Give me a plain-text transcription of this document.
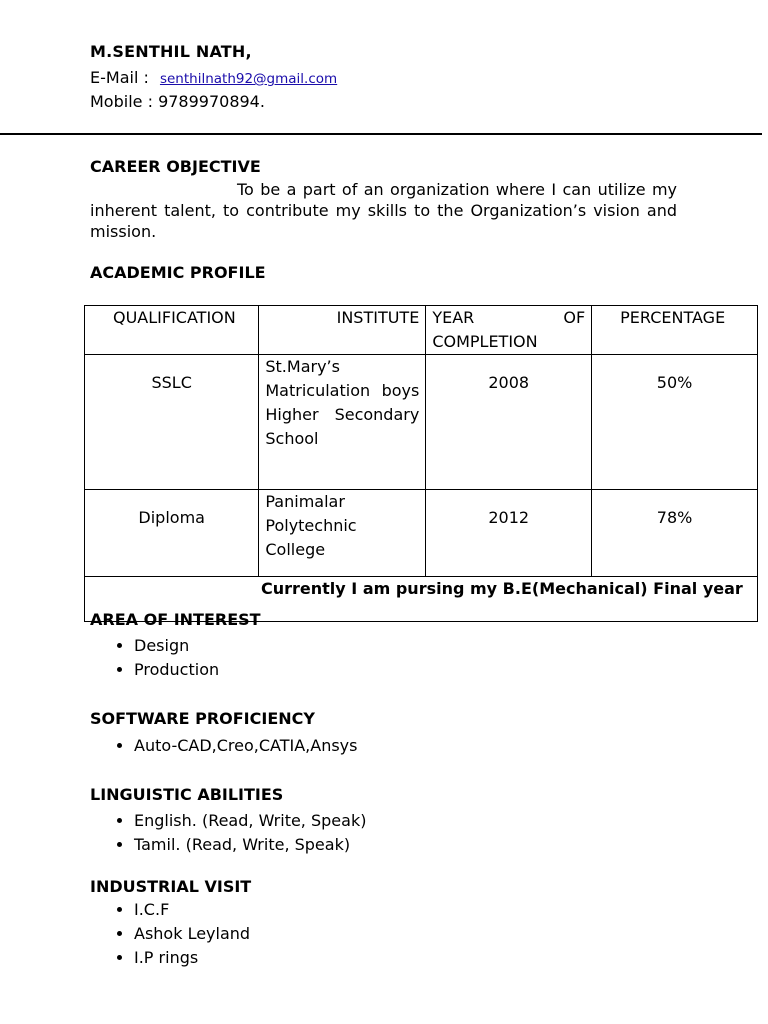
M.SENTHIL NATH,
E-Mail : senthilnath92@gmail.com
Mobile : 9789970894.
CAREER OBJECTIVE
To be a part of an organization where I can utilize my inherent talent, to contribute my skills to the Organization’s vision and mission.
ACADEMIC PROFILE
QUALIFICATION	INSTITUTE	YEAR OF COMPLETION	PERCENTAGE
SSLC	St.Mary’s Matriculation boys Higher Secondary School	2008	50%
Diploma	Panimalar Polytechnic College	2012	78%

Currently I am pursing my B.E(Mechanical) Final year			
AREA OF INTEREST
• Design
• Production
SOFTWARE PROFICIENCY
• Auto-CAD,Creo,CATIA,Ansys
LINGUISTIC ABILITIES
• English. (Read, Write, Speak)
• Tamil. (Read, Write, Speak)
INDUSTRIAL VISIT
• I.C.F
• Ashok Leyland
• I.P rings
